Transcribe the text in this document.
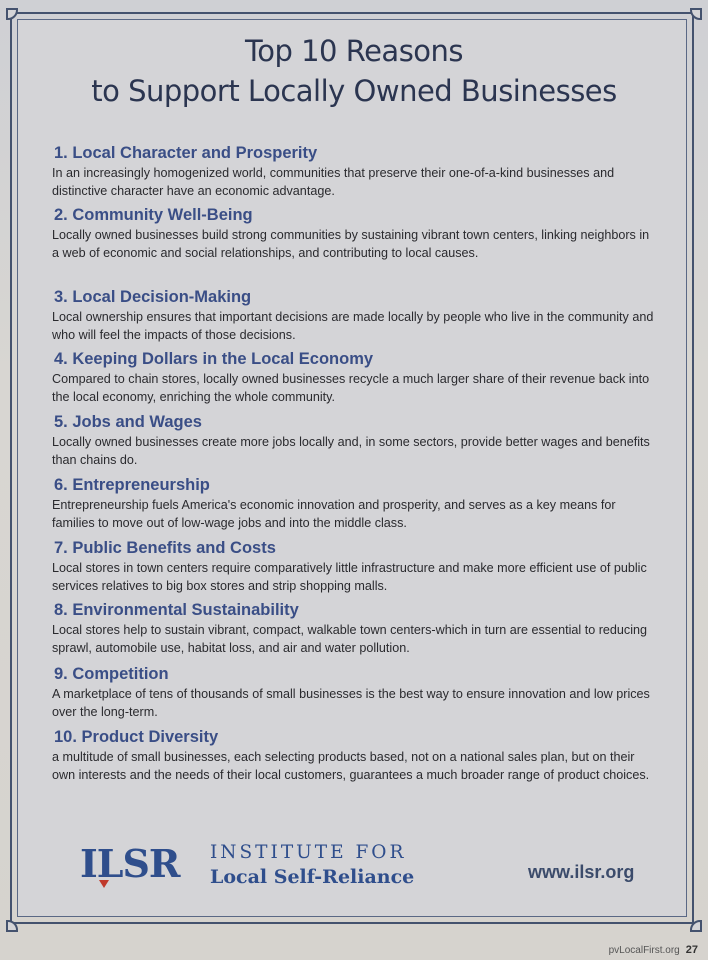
Top 10 Reasons
to Support Locally Owned Businesses
1. Local Character and Prosperity

In an increasingly homogenized world, communities that preserve their one-of-a-kind businesses and distinctive character have an economic advantage.

2. Community Well-Being

Locally owned businesses build strong communities by sustaining vibrant town centers, linking neighbors in a web of economic and social relationships, and contributing to local causes.

3. Local Decision-Making

Local ownership ensures that important decisions are made locally by people who live in the community and who will feel the impacts of those decisions.

4. Keeping Dollars in the Local Economy

Compared to chain stores, locally owned businesses recycle a much larger share of their revenue back into the local economy, enriching the whole community.

5. Jobs and Wages

Locally owned businesses create more jobs locally and, in some sectors, provide better wages and benefits than chains do.

6. Entrepreneurship

Entrepreneurship fuels America's economic innovation and prosperity, and serves as a key means for families to move out of low-wage jobs and into the middle class.

7. Public Benefits and Costs

Local stores in town centers require comparatively little infrastructure and make more efficient use of public services relatives to big box stores and strip shopping malls.

8. Environmental Sustainability

Local stores help to sustain vibrant, compact, walkable town centers-which in turn are essential to reducing sprawl, automobile use, habitat loss, and air and water pollution.

9. Competition

A marketplace of tens of thousands of small businesses is the best way to ensure innovation and low prices over the long-term.

10. Product Diversity

a multitude of small businesses, each selecting products based, not on a national sales plan, but on their own interests and the needs of their local customers, guarantees a much broader range of product choices.

ILSR INSTITUTE FOR
Local Self-Reliance	www.ilsr.org
pvLocalFirst.org 27
